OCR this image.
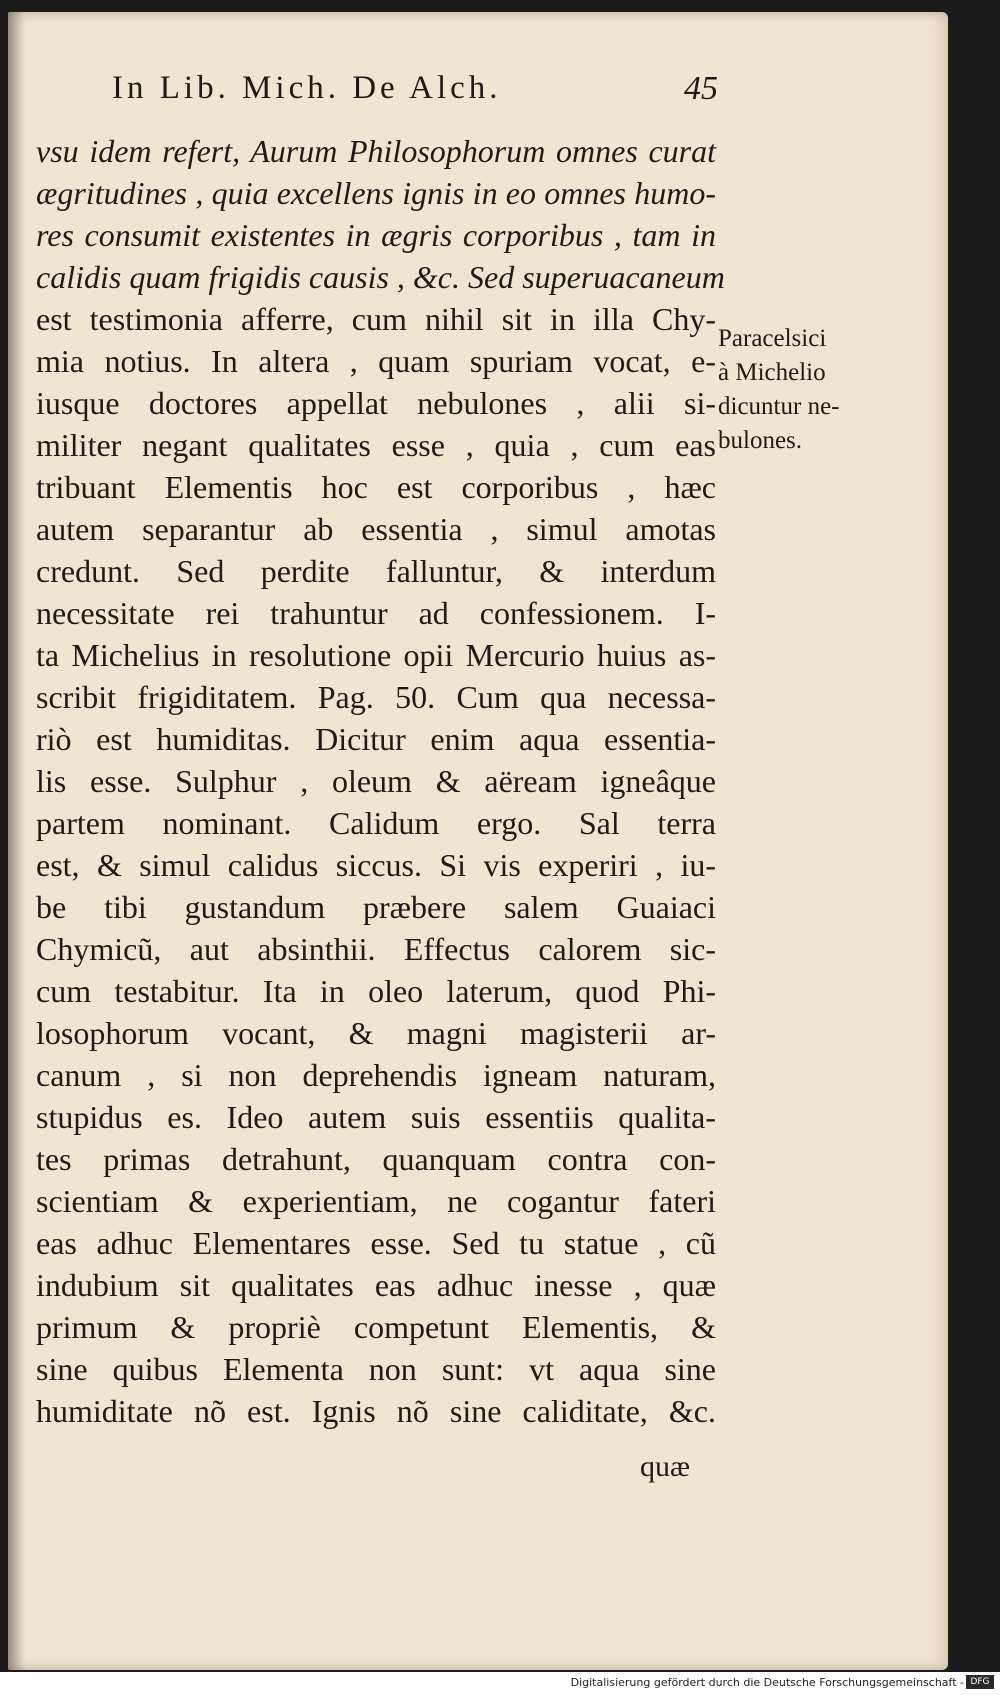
In Lib. Mich. De Alch.	45
vsu idem refert, Aurum Philosophorum omnes curat
ægritudines , quia excellens ignis in eo omnes humo-
res consumit existentes in ægris corporibus , tam in
calidis quam frigidis causis , &c. Sed superuacaneum
est testimonia afferre, cum nihil sit in illa Chy-
mia notius. In altera , quam spuriam vocat, e-
iusque doctores appellat nebulones , alii si-
militer negant qualitates esse , quia , cum eas
tribuant Elementis hoc est corporibus , hæc
autem separantur ab essentia , simul amotas
credunt. Sed perdite falluntur, & interdum
necessitate rei trahuntur ad confessionem. I-
ta Michelius in resolutione opii Mercurio huius as-
scribit frigiditatem. Pag. 50. Cum qua necessa-
riò est humiditas. Dicitur enim aqua essentia-
lis esse. Sulphur , oleum & aëream igneâque
partem nominant. Calidum ergo. Sal terra
est, & simul calidus siccus. Si vis experiri , iu-
be tibi gustandum præbere salem Guaiaci
Chymicũ, aut absinthii. Effectus calorem sic-
cum testabitur. Ita in oleo laterum, quod Phi-
losophorum vocant, & magni magisterii ar-
canum , si non deprehendis igneam naturam,
stupidus es. Ideo autem suis essentiis qualita-
tes primas detrahunt, quanquam contra con-
scientiam & experientiam, ne cogantur fateri
eas adhuc Elementares esse. Sed tu statue , cũ
indubium sit qualitates eas adhuc inesse , quæ
primum & propriè competunt Elementis, &
sine quibus Elementa non sunt: vt aqua sine
humiditate nõ est. Ignis nõ sine caliditate, &c.
Paracelsici
à Michelio
dicuntur ne-
bulones.
quæ
Digitalisierung gefördert durch die Deutsche Forschungsgemeinschaft - DFG
